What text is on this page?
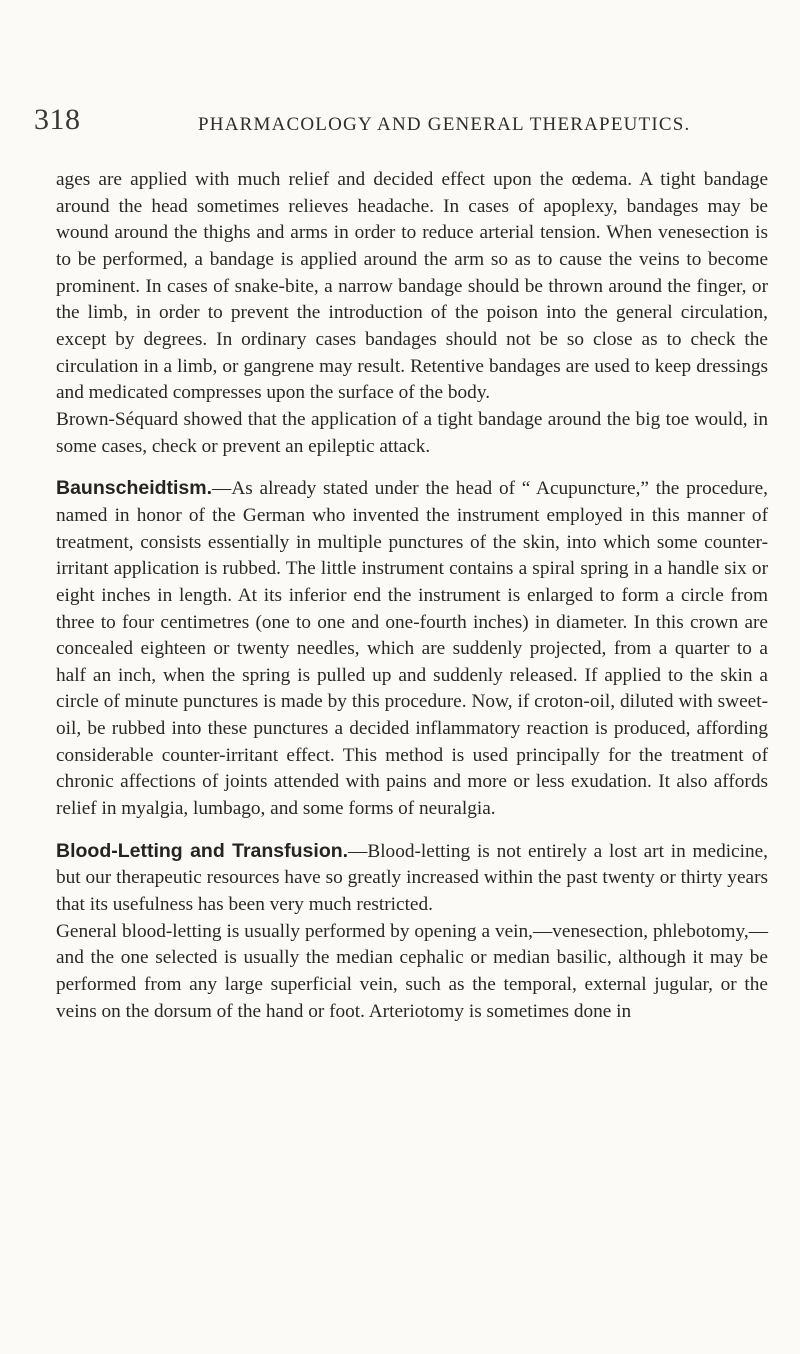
318	PHARMACOLOGY AND GENERAL THERAPEUTICS.

ages are applied with much relief and decided effect upon the œdema. A tight bandage around the head sometimes relieves headache. In cases of apoplexy, bandages may be wound around the thighs and arms in order to reduce arterial tension. When venesection is to be performed, a bandage is applied around the arm so as to cause the veins to become prominent. In cases of snake-bite, a narrow bandage should be thrown around the finger, or the limb, in order to prevent the introduction of the poison into the general circulation, except by degrees. In ordinary cases bandages should not be so close as to check the circulation in a limb, or gangrene may result. Retentive bandages are used to keep dressings and medicated compresses upon the surface of the body.

Brown-Séquard showed that the application of a tight bandage around the big toe would, in some cases, check or prevent an epileptic attack.

Baunscheidtism.—As already stated under the head of “ Acupuncture,” the procedure, named in honor of the German who invented the instrument employed in this manner of treatment, consists essentially in multiple punctures of the skin, into which some counter-irritant application is rubbed. The little instrument contains a spiral spring in a handle six or eight inches in length. At its inferior end the instrument is enlarged to form a circle from three to four centimetres (one to one and one-fourth inches) in diameter. In this crown are concealed eighteen or twenty needles, which are suddenly projected, from a quarter to a half an inch, when the spring is pulled up and suddenly released. If applied to the skin a circle of minute punctures is made by this procedure. Now, if croton-oil, diluted with sweet-oil, be rubbed into these punctures a decided inflammatory reaction is produced, affording considerable counter-irritant effect. This method is used principally for the treatment of chronic affections of joints attended with pains and more or less exudation. It also affords relief in myalgia, lumbago, and some forms of neuralgia.

Blood-Letting and Transfusion.—Blood-letting is not entirely a lost art in medicine, but our therapeutic resources have so greatly increased within the past twenty or thirty years that its usefulness has been very much restricted.

General blood-letting is usually performed by opening a vein,—venesection, phlebotomy,—and the one selected is usually the median cephalic or median basilic, although it may be performed from any large superficial vein, such as the temporal, external jugular, or the veins on the dorsum of the hand or foot. Arteriotomy is sometimes done in
